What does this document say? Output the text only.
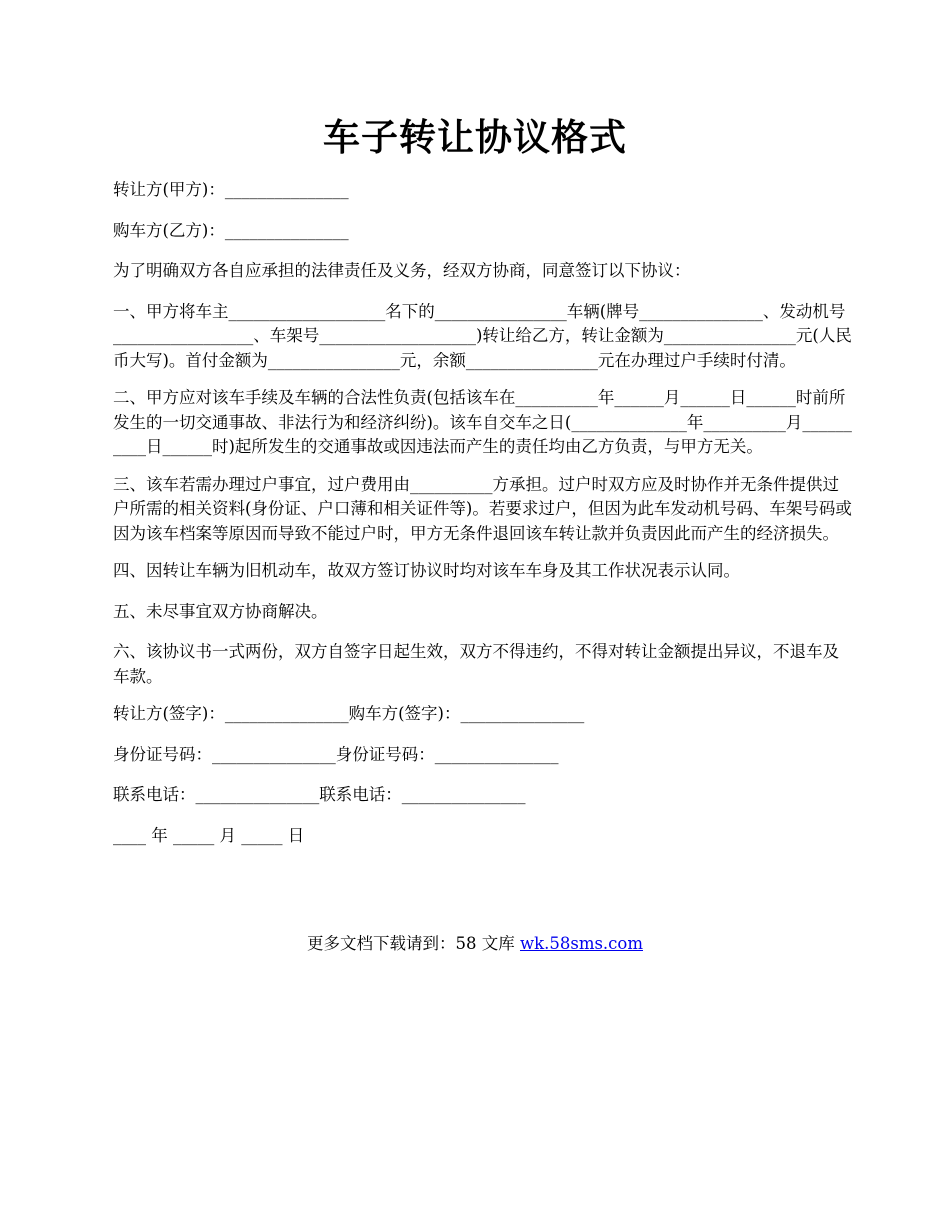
车子转让协议格式

转让方(甲方)：_______________

购车方(乙方)：_______________

为了明确双方各自应承担的法律责任及义务，经双方协商，同意签订以下协议：

一、甲方将车主___________________名下的________________车辆(牌号_______________、发动机号_________________、车架号___________________)转让给乙方，转让金额为________________元(人民币大写)。首付金额为________________元，余额________________元在办理过户手续时付清。

二、甲方应对该车手续及车辆的合法性负责(包括该车在__________年______月______日______时前所发生的一切交通事故、非法行为和经济纠纷)。该车自交车之日(______________年__________月__________日______时)起所发生的交通事故或因违法而产生的责任均由乙方负责，与甲方无关。

三、该车若需办理过户事宜，过户费用由__________方承担。过户时双方应及时协作并无条件提供过户所需的相关资料(身份证、户口薄和相关证件等)。若要求过户，但因为此车发动机号码、车架号码或因为该车档案等原因而导致不能过户时，甲方无条件退回该车转让款并负责因此而产生的经济损失。

四、因转让车辆为旧机动车，故双方签订协议时均对该车车身及其工作状况表示认同。

五、未尽事宜双方协商解决。

六、该协议书一式两份，双方自签字日起生效，双方不得违约，不得对转让金额提出异议，不退车及车款。

转让方(签字)：_______________购车方(签字)：_______________

身份证号码：_______________身份证号码：_______________

联系电话：_______________联系电话：_______________

____ 年 _____ 月 _____ 日

更多文档下载请到：58 文库 wk.58sms.com
